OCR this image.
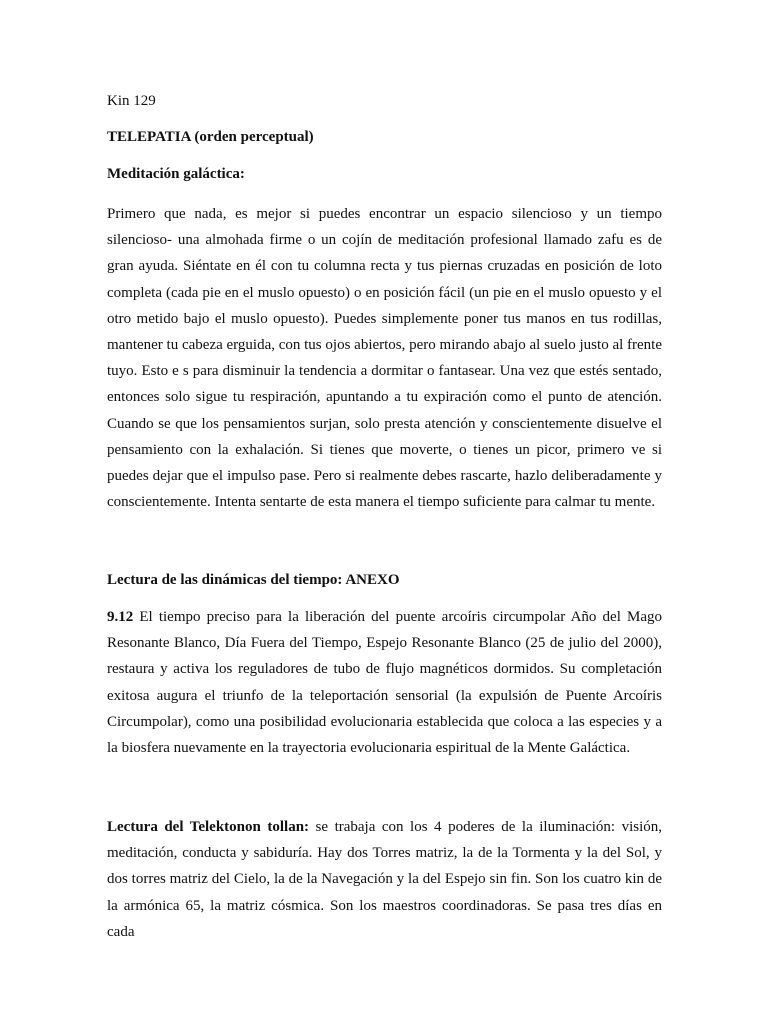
Kin 129

TELEPATIA (orden perceptual)

Meditación galáctica:

Primero que nada, es mejor si puedes encontrar un espacio silencioso y un tiempo silencioso- una almohada firme o un cojín de meditación profesional llamado zafu es de gran ayuda. Siéntate en él con tu columna recta y tus piernas cruzadas en posición de loto completa (cada pie en el muslo opuesto) o en posición fácil (un pie en el muslo opuesto y el otro metido bajo el muslo opuesto). Puedes simplemente poner tus manos en tus rodillas, mantener tu cabeza erguida, con tus ojos abiertos, pero mirando abajo al suelo justo al frente tuyo. Esto e s para disminuir la tendencia a dormitar o fantasear. Una vez que estés sentado, entonces solo sigue tu respiración, apuntando a tu expiración como el punto de atención. Cuando se que los pensamientos surjan, solo presta atención y conscientemente disuelve el pensamiento con la exhalación. Si tienes que moverte, o tienes un picor, primero ve si puedes dejar que el impulso pase. Pero si realmente debes rascarte, hazlo deliberadamente y conscientemente. Intenta sentarte de esta manera el tiempo suficiente para calmar tu mente.

Lectura de las dinámicas del tiempo: ANEXO

9.12 El tiempo preciso para la liberación del puente arcoíris circumpolar Año del Mago Resonante Blanco, Día Fuera del Tiempo, Espejo Resonante Blanco (25 de julio del 2000), restaura y activa los reguladores de tubo de flujo magnéticos dormidos. Su completación exitosa augura el triunfo de la teleportación sensorial (la expulsión de Puente Arcoíris Circumpolar), como una posibilidad evolucionaria establecida que coloca a las especies y a la biosfera nuevamente en la trayectoria evolucionaria espiritual de la Mente Galáctica.

Lectura del Telektonon tollan: se trabaja con los 4 poderes de la iluminación: visión, meditación, conducta y sabiduría. Hay dos Torres matriz, la de la Tormenta y la del Sol, y dos torres matriz del Cielo, la de la Navegación y la del Espejo sin fin. Son los cuatro kin de la armónica 65, la matriz cósmica. Son los maestros coordinadoras. Se pasa tres días en cada
